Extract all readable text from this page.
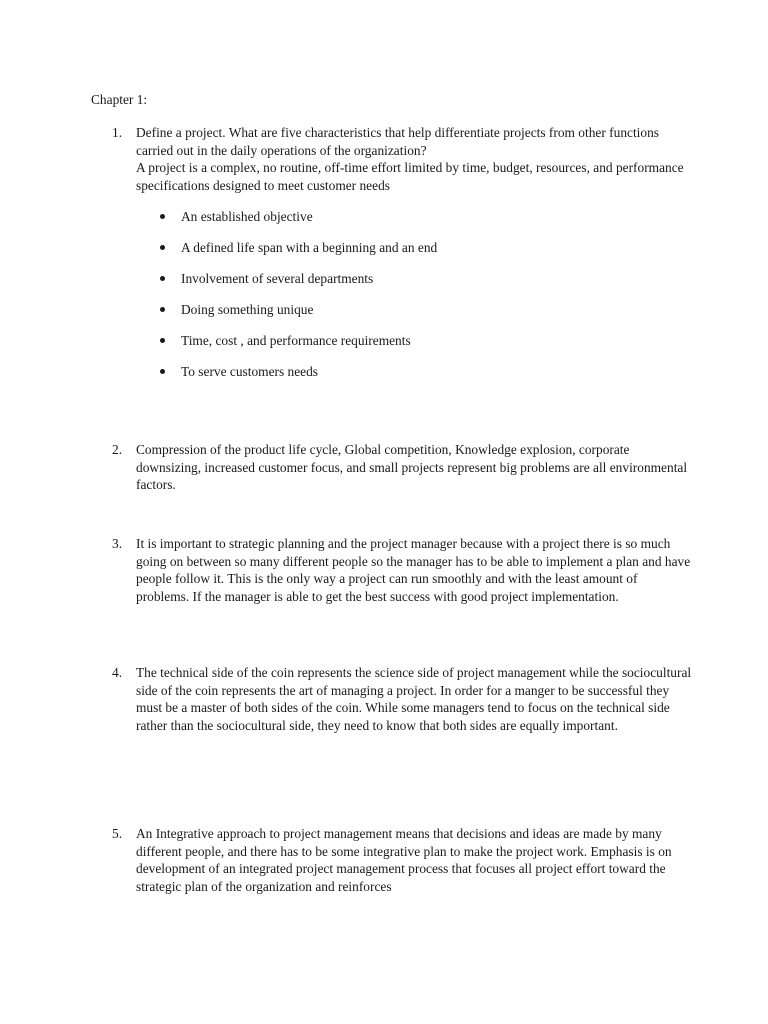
Chapter 1:
1. Define a project. What are five characteristics that help differentiate projects from other functions carried out in the daily operations of the organization?

A project is a complex, no routine, off-time effort limited by time, budget, resources, and performance specifications designed to meet customer needs

An established objective
A defined life span with a beginning and an end
Involvement of several departments
Doing something unique
Time, cost , and performance requirements
To serve customers needs
2. Compression of the product life cycle, Global competition, Knowledge explosion, corporate downsizing, increased customer focus, and small projects represent big problems are all environmental factors.

3. It is important to strategic planning and the project manager because with a project there is so much going on between so many different people so the manager has to be able to implement a plan and have people follow it. This is the only way a project can run smoothly and with the least amount of problems. If the manager is able to get the best success with good project implementation.

4. The technical side of the coin represents the science side of project management while the sociocultural side of the coin represents the art of managing a project. In order for a manger to be successful they must be a master of both sides of the coin. While some managers tend to focus on the technical side rather than the sociocultural side, they need to know that both sides are equally important.

5. An Integrative approach to project management means that decisions and ideas are made by many different people, and there has to be some integrative plan to make the project work. Emphasis is on development of an integrated project management process that focuses all project effort toward the strategic plan of the organization and reinforces
